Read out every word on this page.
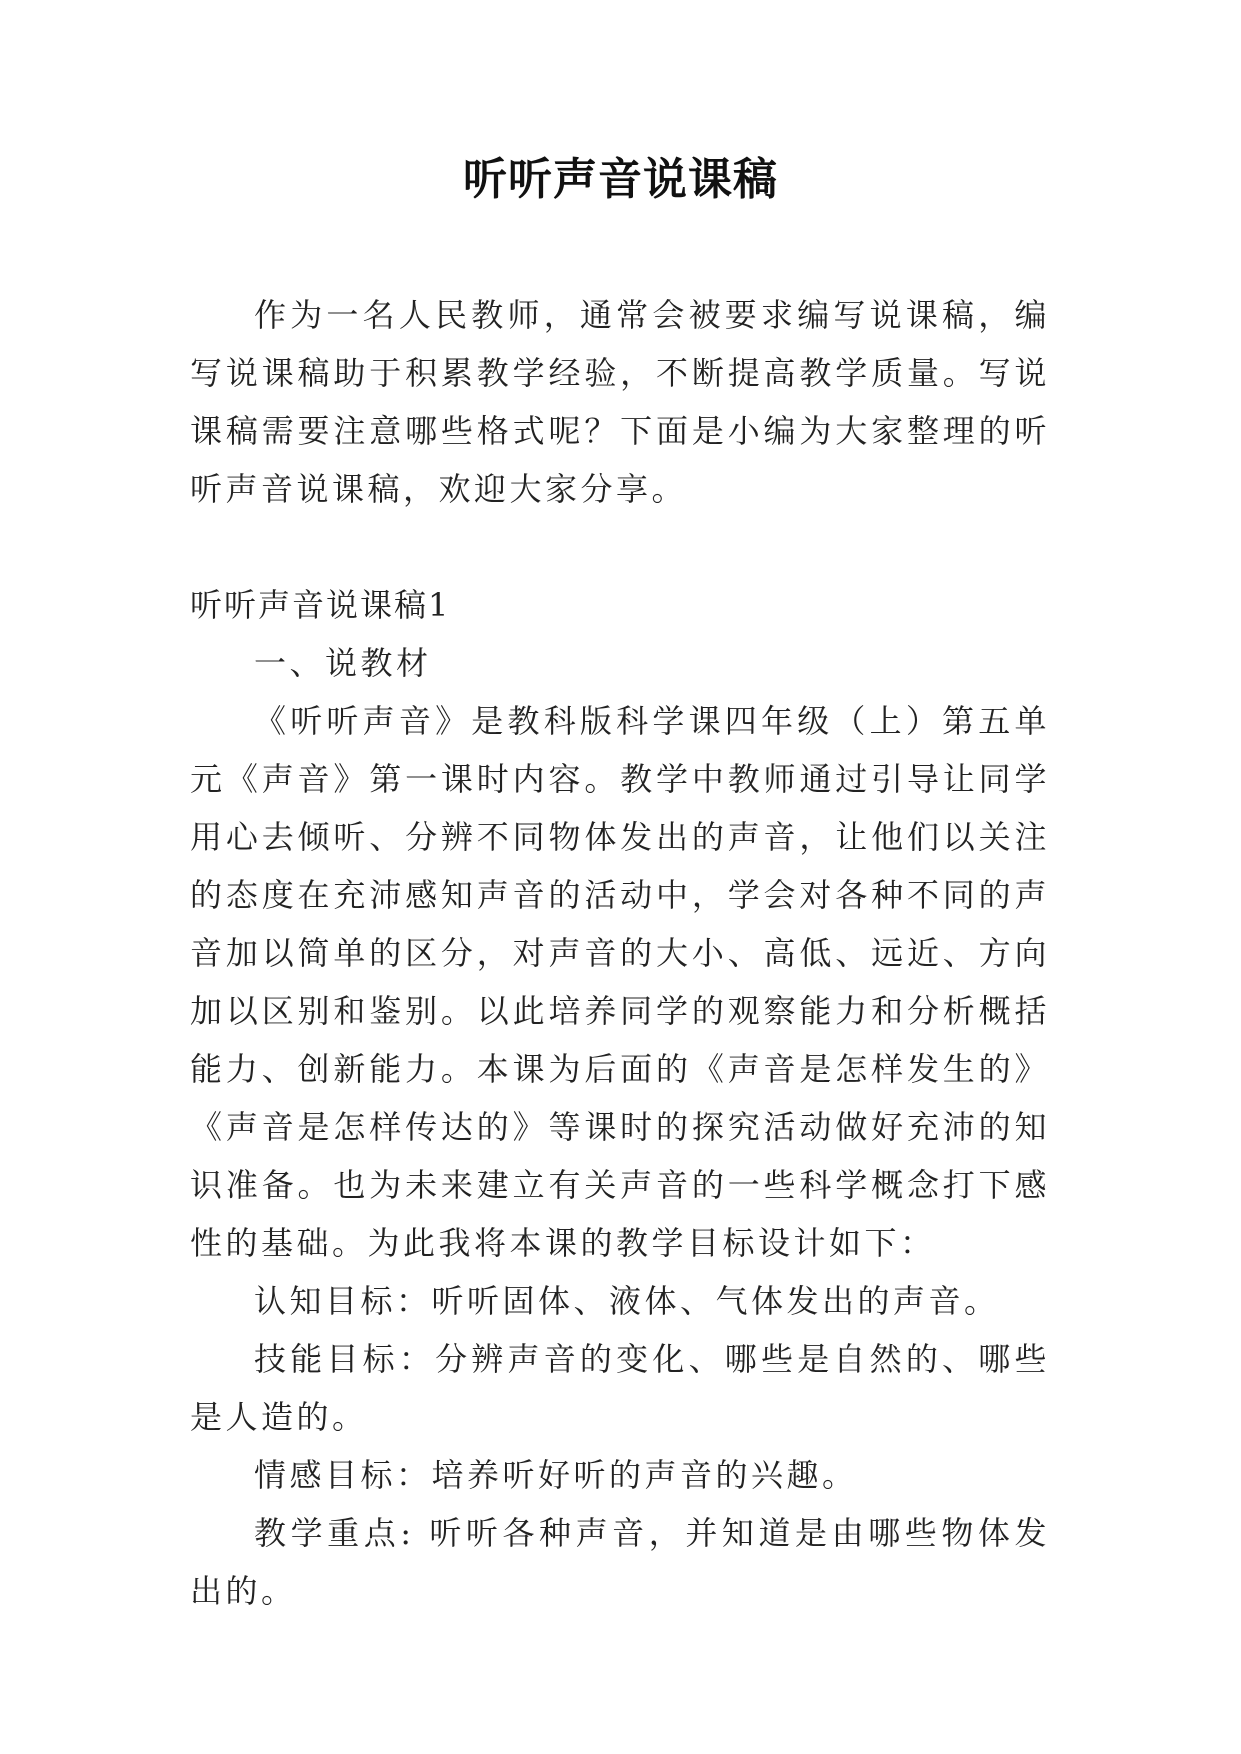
听听声音说课稿

作为一名人民教师，通常会被要求编写说课稿，编写说课稿助于积累教学经验，不断提高教学质量。写说课稿需要注意哪些格式呢？下面是小编为大家整理的听听声音说课稿，欢迎大家分享。

听听声音说课稿1

一、说教材

《听听声音》是教科版科学课四年级（上）第五单元《声音》第一课时内容。教学中教师通过引导让同学用心去倾听、分辨不同物体发出的声音，让他们以关注的态度在充沛感知声音的活动中，学会对各种不同的声音加以简单的区分，对声音的大小、高低、远近、方向加以区别和鉴别。以此培养同学的观察能力和分析概括能力、创新能力。本课为后面的《声音是怎样发生的》《声音是怎样传达的》等课时的探究活动做好充沛的知识准备。也为未来建立有关声音的一些科学概念打下感性的基础。为此我将本课的教学目标设计如下：

认知目标：听听固体、液体、气体发出的声音。

技能目标：分辨声音的变化、哪些是自然的、哪些是人造的。

情感目标：培养听好听的声音的兴趣。

教学重点: 听听各种声音，并知道是由哪些物体发出的。
